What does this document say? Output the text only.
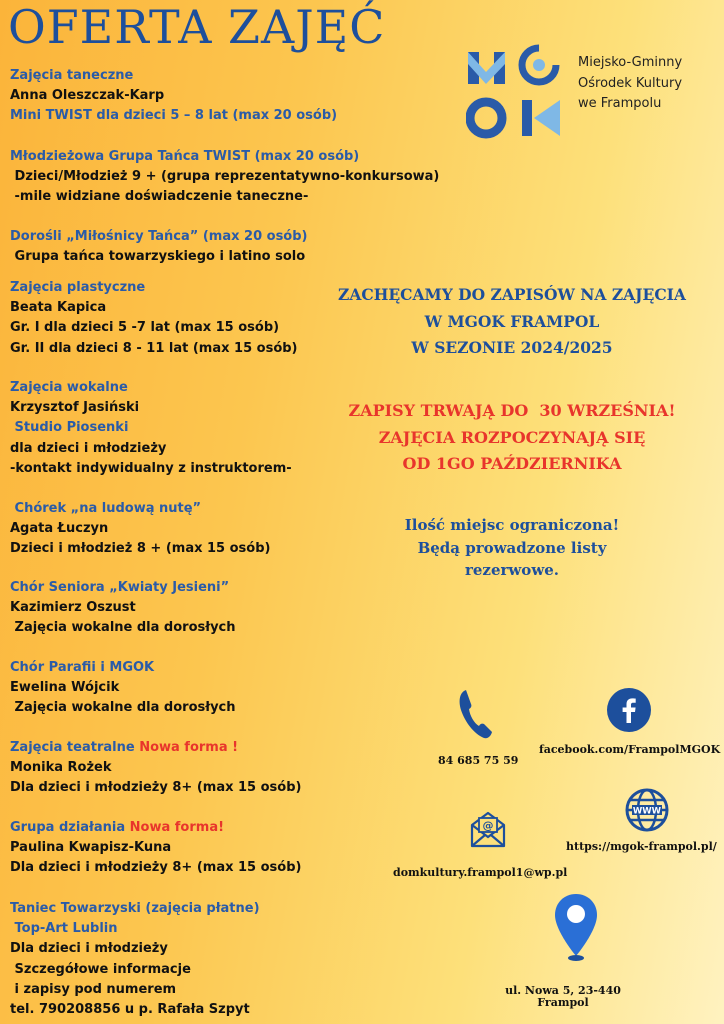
OFERTA ZAJĘĆ
Miejsko-Gminny
Ośrodek Kultury
we Frampolu
Zajęcia taneczne
Anna Oleszczak-Karp
Mini TWIST dla dzieci 5 – 8 lat (max 20 osób)
Młodzieżowa Grupa Tańca TWIST (max 20 osób)
Dzieci/Młodzież 9 + (grupa reprezentatywno-konkursowa)
-mile widziane doświadczenie taneczne-
Dorośli „Miłośnicy Tańca” (max 20 osób)
Grupa tańca towarzyskiego i latino solo
Zajęcia plastyczne
Beata Kapica
Gr. I dla dzieci 5 -7 lat (max 15 osób)
Gr. II dla dzieci 8 - 11 lat (max 15 osób)
Zajęcia wokalne
Krzysztof Jasiński
Studio Piosenki
dla dzieci i młodzieży
-kontakt indywidualny z instruktorem-
Chórek „na ludową nutę”
Agata Łuczyn
Dzieci i młodzież 8 + (max 15 osób)
Chór Seniora „Kwiaty Jesieni”
Kazimierz Oszust
Zajęcia wokalne dla dorosłych
Chór Parafii i MGOK
Ewelina Wójcik
Zajęcia wokalne dla dorosłych
Zajęcia teatralne Nowa forma !
Monika Rożek
Dla dzieci i młodzieży 8+ (max 15 osób)
Grupa działania Nowa forma!
Paulina Kwapisz-Kuna
Dla dzieci i młodzieży 8+ (max 15 osób)
Taniec Towarzyski (zajęcia płatne)
Top-Art Lublin
Dla dzieci i młodzieży
Szczegółowe informacje
i zapisy pod numerem
tel. 790208856 u p. Rafała Szpyt
ZACHĘCAMY DO ZAPISÓW NA ZAJĘCIA
W MGOK FRAMPOL
W SEZONIE 2024/2025
ZAPISY TRWAJĄ DO  30 WRZEŚNIA!
ZAJĘCIA ROZPOCZYNAJĄ SIĘ
OD 1GO PAŹDZIERNIKA
Ilość miejsc ograniczona!
Będą prowadzone listy
rezerwowe.
84 685 75 59
facebook.com/FrampolMGOK
@
domkultury.frampol1@wp.pl
WWW
https://mgok-frampol.pl/
ul. Nowa 5, 23-440
Frampol
